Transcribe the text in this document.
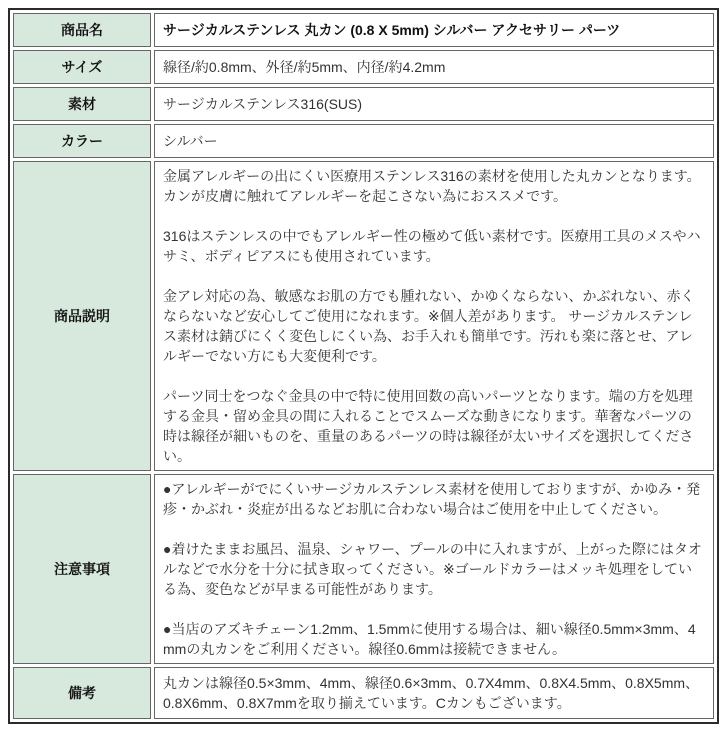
商品名	サージカルステンレス 丸カン (0.8 X 5mm) シルバー アクセサリー パーツ
サイズ	線径/約0.8mm、外径/約5mm、内径/約4.2mm
素材	サージカルステンレス316(SUS)
カラー	シルバー
商品説明	金属アレルギーの出にくい医療用ステンレス316の素材を使用した丸カンとなります。カンが皮膚に触れてアレルギーを起こさない為におススメです。

316はステンレスの中でもアレルギー性の極めて低い素材です。医療用工具のメスやハサミ、ボディピアスにも使用されています。

金アレ対応の為、敏感なお肌の方でも腫れない、かゆくならない、かぶれない、赤くならないなど安心してご使用になれます。※個人差があります。 サージカルステンレス素材は錆びにくく変色しにくい為、お手入れも簡単です。汚れも楽に落とせ、アレルギーでない方にも大変便利です。

パーツ同士をつなぐ金具の中で特に使用回数の高いパーツとなります。端の方を処理する金具・留め金具の間に入れることでスムーズな動きになります。華奢なパーツの時は線径が細いものを、重量のあるパーツの時は線径が太いサイズを選択してください。

注意事項	●アレルギーがでにくいサージカルステンレス素材を使用しておりますが、かゆみ・発疹・かぶれ・炎症が出るなどお肌に合わない場合はご使用を中止してください。

●着けたままお風呂、温泉、シャワー、プールの中に入れますが、上がった際にはタオルなどで水分を十分に拭き取ってください。※ゴールドカラーはメッキ処理をしている為、変色などが早まる可能性があります。

●当店のアズキチェーン1.2mm、1.5mmに使用する場合は、細い線径0.5mm×3mm、4mmの丸カンをご利用ください。線径0.6mmは接続できません。

備考	丸カンは線径0.5×3mm、4mm、線径0.6×3mm、0.7X4mm、0.8X4.5mm、0.8X5mm、0.8X6mm、0.8X7mmを取り揃えています。Cカンもございます。
